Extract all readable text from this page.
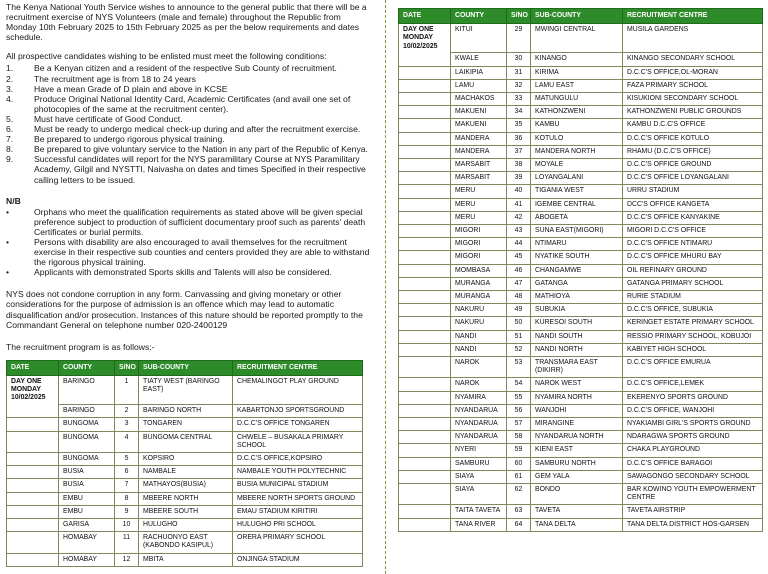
The Kenya National Youth Service wishes to announce to the general public that there will be a recruitment exercise of NYS Volunteers (male and female) throughout the Republic from Monday 10th February 2025 to 15th February 2025 as per the below requirements and dates schedule.

All prospective candidates wishing to be enlisted must meet the following conditions:

1.	Be a Kenyan citizen and a resident of the respective Sub County of recruitment.
2.	The recruitment age is from 18 to 24 years
3.	Have a mean Grade of D plain and above in KCSE
4.	Produce Original National Identity Card, Academic Certificates (and avail one set of photocopies of the same at the recruitment center).
5.	Must have certificate of Good Conduct.
6.	Must be ready to undergo medical check-up during and after the recruitment exercise.
7.	Be prepared to undergo rigorous physical training.
8.	Be prepared to give voluntary service to the Nation in any part of the Republic of Kenya.
9.	Successful candidates will report for the NYS paramilitary Course at NYS Paramilitary Academy, Gilgil and NYSTTI, Naivasha on dates and times Specified in their respective calling letters to be issued.

N/B

•	Orphans who meet the qualification requirements as stated above will be given special preference subject to production of sufficient documentary proof such as parents' death Certificates or burial permits.
•	Persons with disability are also encouraged to avail themselves for the recruitment exercise in their respective sub counties and centers provided they are able to withstand the rigorous physical training.
•	Applicants with demonstrated Sports skills and Talents will also be considered.

NYS does not condone corruption in any form. Canvassing and giving monetary or other considerations for the purpose of admission is an offence which may lead to automatic disqualification and/or prosecution. Instances of this nature should be reported promptly to the Commandant General on telephone number 020-2400129

The recruitment program is as follows:-

DATE	COUNTY	S/NO	SUB-COUNTY	RECRUITMENT CENTRE

DAY ONE
MONDAY
10/02/2025	BARINGO	1	TIATY WEST (BARINGO EAST)	CHEMALINGOT PLAY GROUND
	BARINGO	2	BARINGO NORTH	KABARTONJO SPORTSGROUND
	BUNGOMA	3	TONGAREN	D.C.C'S OFFICE TONGAREN
	BUNGOMA	4	BUNGOMA CENTRAL	CHWELE – BUSAKALA PRIMARY SCHOOL
	BUNGOMA	5	KOPSIRO	D.C.C'S OFFICE,KOPSIRO
	BUSIA	6	NAMBALE	NAMBALE YOUTH POLYTECHNIC
	BUSIA	7	MATHAYOS(BUSIA)	BUSIA MUNICIPAL STADIUM
	EMBU	8	MBEERE NORTH	MBEERE NORTH SPORTS GROUND
	EMBU	9	MBEERE SOUTH	EMAU STADIUM KIRITIRI
	GARISA	10	HULUGHO	HULUGHO PRI SCHOOL
	HOMABAY	11	RACHUONYO EAST (KABONDO KASIPUL)	ORERA PRIMARY SCHOOL
	HOMABAY	12	MBITA	ONJINGA STADIUM
DATE	COUNTY	S/NO	SUB-COUNTY	RECRUITMENT CENTRE

DAY ONE
MONDAY
10/02/2025	KITUI	29	MWINGI CENTRAL	MUSILA GARDENS
	KWALE	30	KINANGO	KINANGO SECONDARY SCHOOL
	LAIKIPIA	31	KIRIMA	D.C.C'S OFFICE,OL-MORAN
	LAMU	32	LAMU EAST	FAZA PRIMARY SCHOOL
	MACHAKOS	33	MATUNGULU	KISUKIONI SECONDARY SCHOOL
	MAKUENI	34	KATHONZWENI	KATHONZWENI PUBLIC GROUNDS
	MAKUENI	35	KAMBU	KAMBU D.C.C'S OFFICE
	MANDERA	36	KOTULO	D.C.C'S OFFICE KOTULO
	MANDERA	37	MANDERA NORTH	RHAMU (D.C.C'S OFFICE)
	MARSABIT	38	MOYALE	D.C.C'S OFFICE GROUND
	MARSABIT	39	LOYANGALANI	D.C.C'S OFFICE LOYANGALANI
	MERU	40	TIGANIA WEST	URRU STADIUM
	MERU	41	IGEMBE CENTRAL	DCC'S OFFICE KANGETA
	MERU	42	ABOGETA	D.C.C'S OFFICE KANYAKINE
	MIGORI	43	SUNA EAST(MIGORI)	MIGORI D.C.C'S OFFICE
	MIGORI	44	NTIMARU	D.C.C'S OFFICE NTIMARU
	MIGORI	45	NYATIKE SOUTH	D.C.C'S OFFICE MHURU BAY
	MOMBASA	46	CHANGAMWE	OIL REFINARY GROUND
	MURANGA	47	GATANGA	GATANGA PRIMARY SCHOOL
	MURANGA	48	MATHIOYA	RURIE STADIUM
	NAKURU	49	SUBUKIA	D.C.C'S OFFICE, SUBUKIA
	NAKURU	50	KURESOI SOUTH	KERINGET ESTATE PRIMARY SCHOOL
	NANDI	51	NANDI SOUTH	RESSIO PRIMARY SCHOOL, KOBUJOI
	NANDI	52	NANDI NORTH	KABIYET HIGH SCHOOL
	NAROK	53	TRANSMARA EAST (DIKIRR)	D.C.C'S OFFICE EMURUA
	NAROK	54	NAROK WEST	D.C.C'S OFFICE,LEMEK
	NYAMIRA	55	NYAMIRA NORTH	EKERENYO SPORTS GROUND
	NYANDARUA	56	WANJOHI	D.C.C'S OFFICE, WANJOHI
	NYANDARUA	57	MIRANGINE	NYAKIAMBI GIRL'S SPORTS GROUND
	NYANDARUA	58	NYANDARUA NORTH	NDARAGWA SPORTS GROUND
	NYERI	59	KIENI EAST	CHAKA PLAYGROUND
	SAMBURU	60	SAMBURU NORTH	D.C.C'S OFFICE BARAGOI
	SIAYA	61	GEM YALA	SAWAGONGO SECONDARY SCHOOL
	SIAYA	62	BONDO	BAR KOWINO YOUTH EMPOWERMENT CENTRE
	TAITA TAVETA	63	TAVETA	TAVETA AIRSTRIP
	TANA RIVER	64	TANA DELTA	TANA DELTA DISTRICT HOS-GARSEN
